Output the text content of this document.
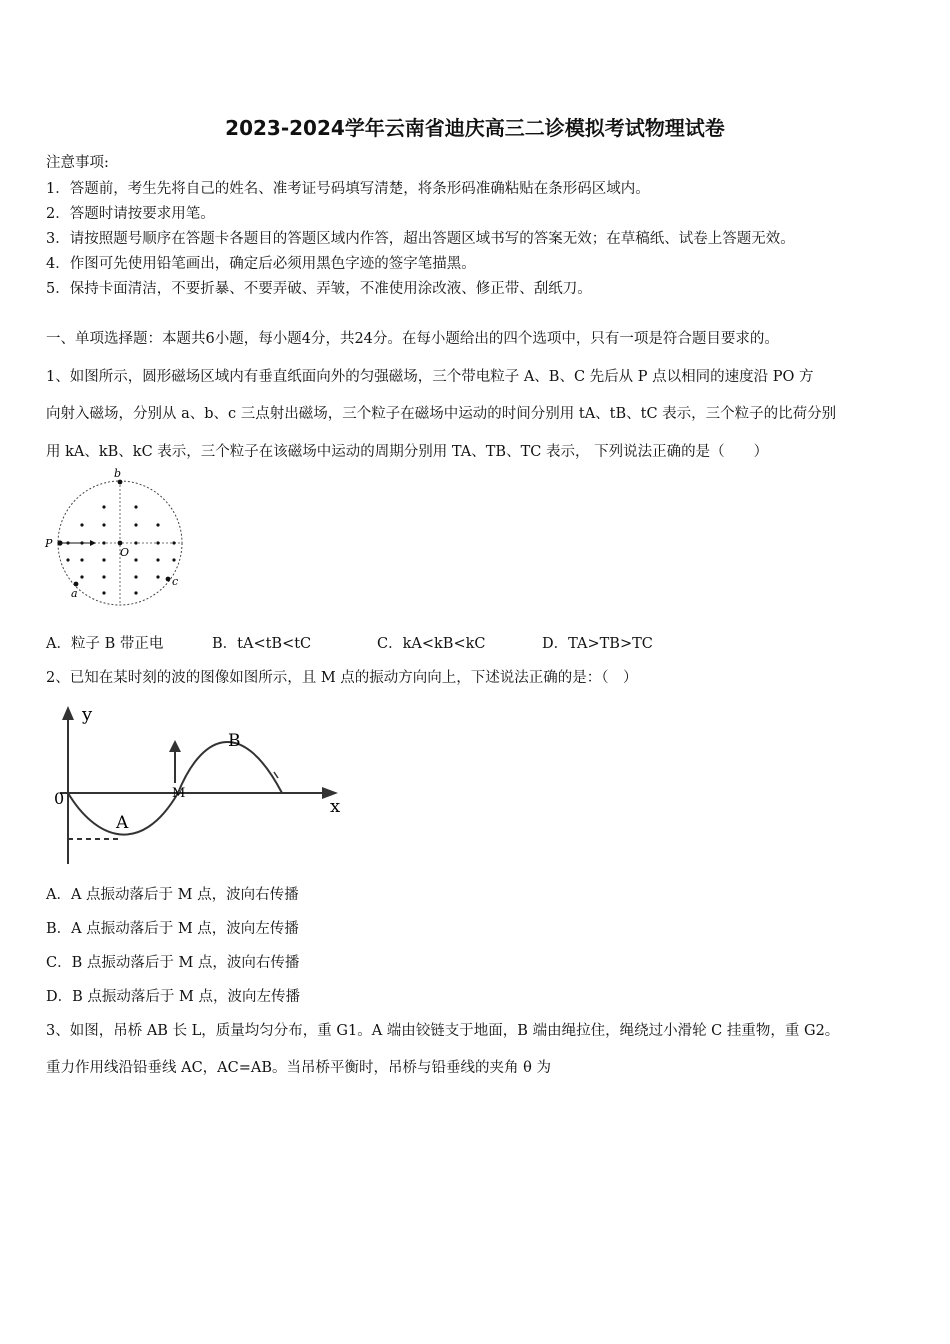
2023-2024学年云南省迪庆高三二诊模拟考试物理试卷
注意事项:
1．答题前，考生先将自己的姓名、准考证号码填写清楚，将条形码准确粘贴在条形码区域内。
2．答题时请按要求用笔。
3．请按照题号顺序在答题卡各题目的答题区域内作答，超出答题区域书写的答案无效；在草稿纸、试卷上答题无效。
4．作图可先使用铅笔画出，确定后必须用黑色字迹的签字笔描黑。
5．保持卡面清洁，不要折暴、不要弄破、弄皱，不准使用涂改液、修正带、刮纸刀。
一、单项选择题：本题共6小题，每小题4分，共24分。在每小题给出的四个选项中，只有一项是符合题目要求的。
1、如图所示，圆形磁场区域内有垂直纸面向外的匀强磁场，三个带电粒子 A、B、C 先后从 P 点以相同的速度沿 PO 方
向射入磁场，分别从 a、b、c 三点射出磁场，三个粒子在磁场中运动的时间分别用 tA、tB、tC 表示，三个粒子的比荷分别
用 kA、kB、kC 表示，三个粒子在该磁场中运动的周期分别用 TA、TB、TC 表示， 下列说法正确的是（　　）
b
P
O
a
c
A．粒子 B 带正电	B．tA<tB<tC	C．kA<kB<kC	D．TA>TB>TC
2、已知在某时刻的波的图像如图所示，且 M 点的振动方向向上，下述说法正确的是：（　）
y
x
0
A
B
M
A．A 点振动落后于 M 点，波向右传播
B．A 点振动落后于 M 点，波向左传播
C．B 点振动落后于 M 点，波向右传播
D．B 点振动落后于 M 点，波向左传播
3、如图，吊桥 AB 长 L，质量均匀分布，重 G1。A 端由铰链支于地面，B 端由绳拉住，绳绕过小滑轮 C 挂重物，重 G2。
重力作用线沿铅垂线 AC，AC=AB。当吊桥平衡时，吊桥与铅垂线的夹角 θ 为
